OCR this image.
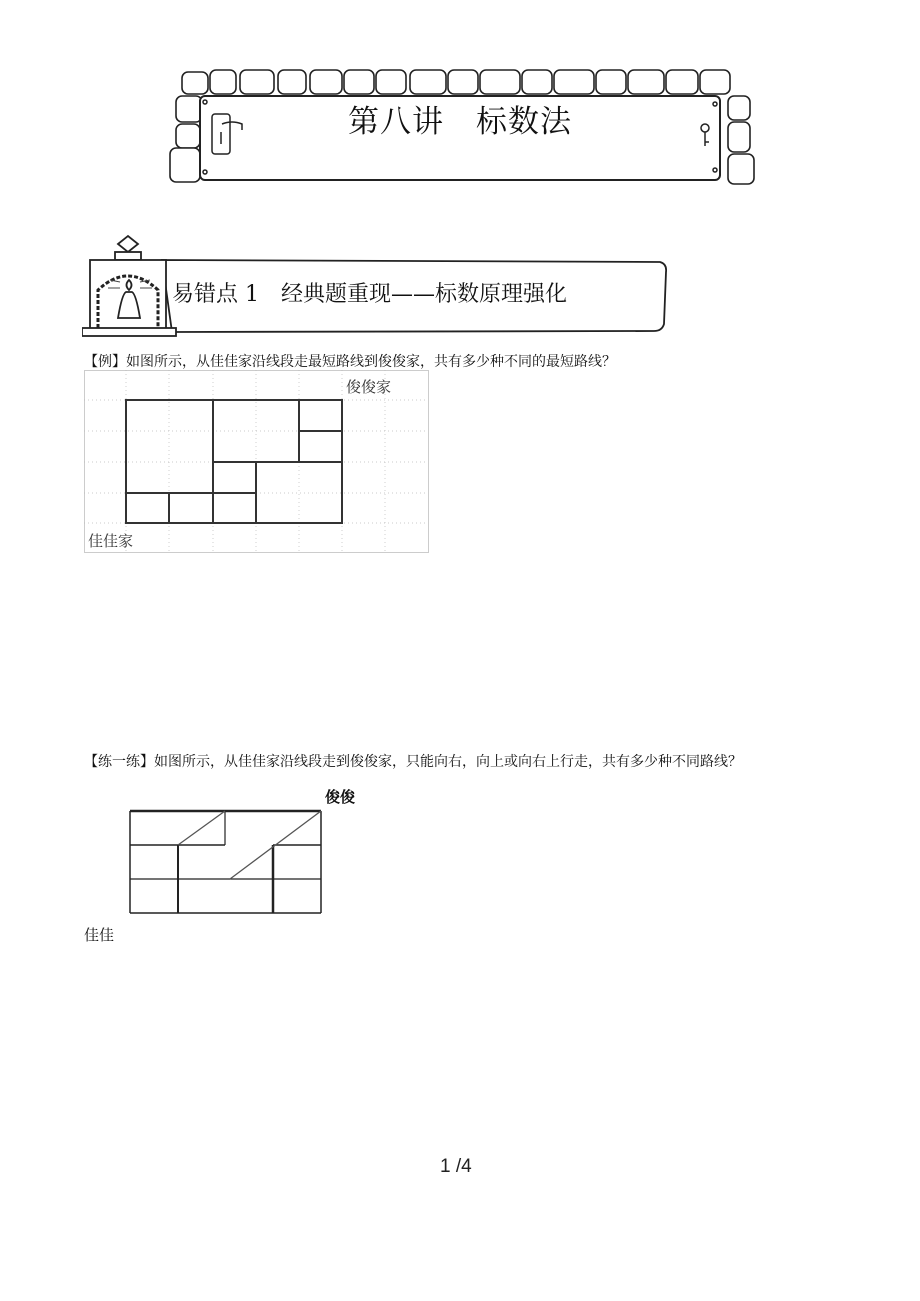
第八讲　标数法
易错点 1　经典题重现——标数原理强化
【例】如图所示，从佳佳家沿线段走最短路线到俊俊家，共有多少种不同的最短路线？
俊俊家
佳佳家
【练一练】如图所示，从佳佳家沿线段走到俊俊家，只能向右，向上或向右上行走，共有多少种不同路线？
俊俊
佳佳
1 /4
